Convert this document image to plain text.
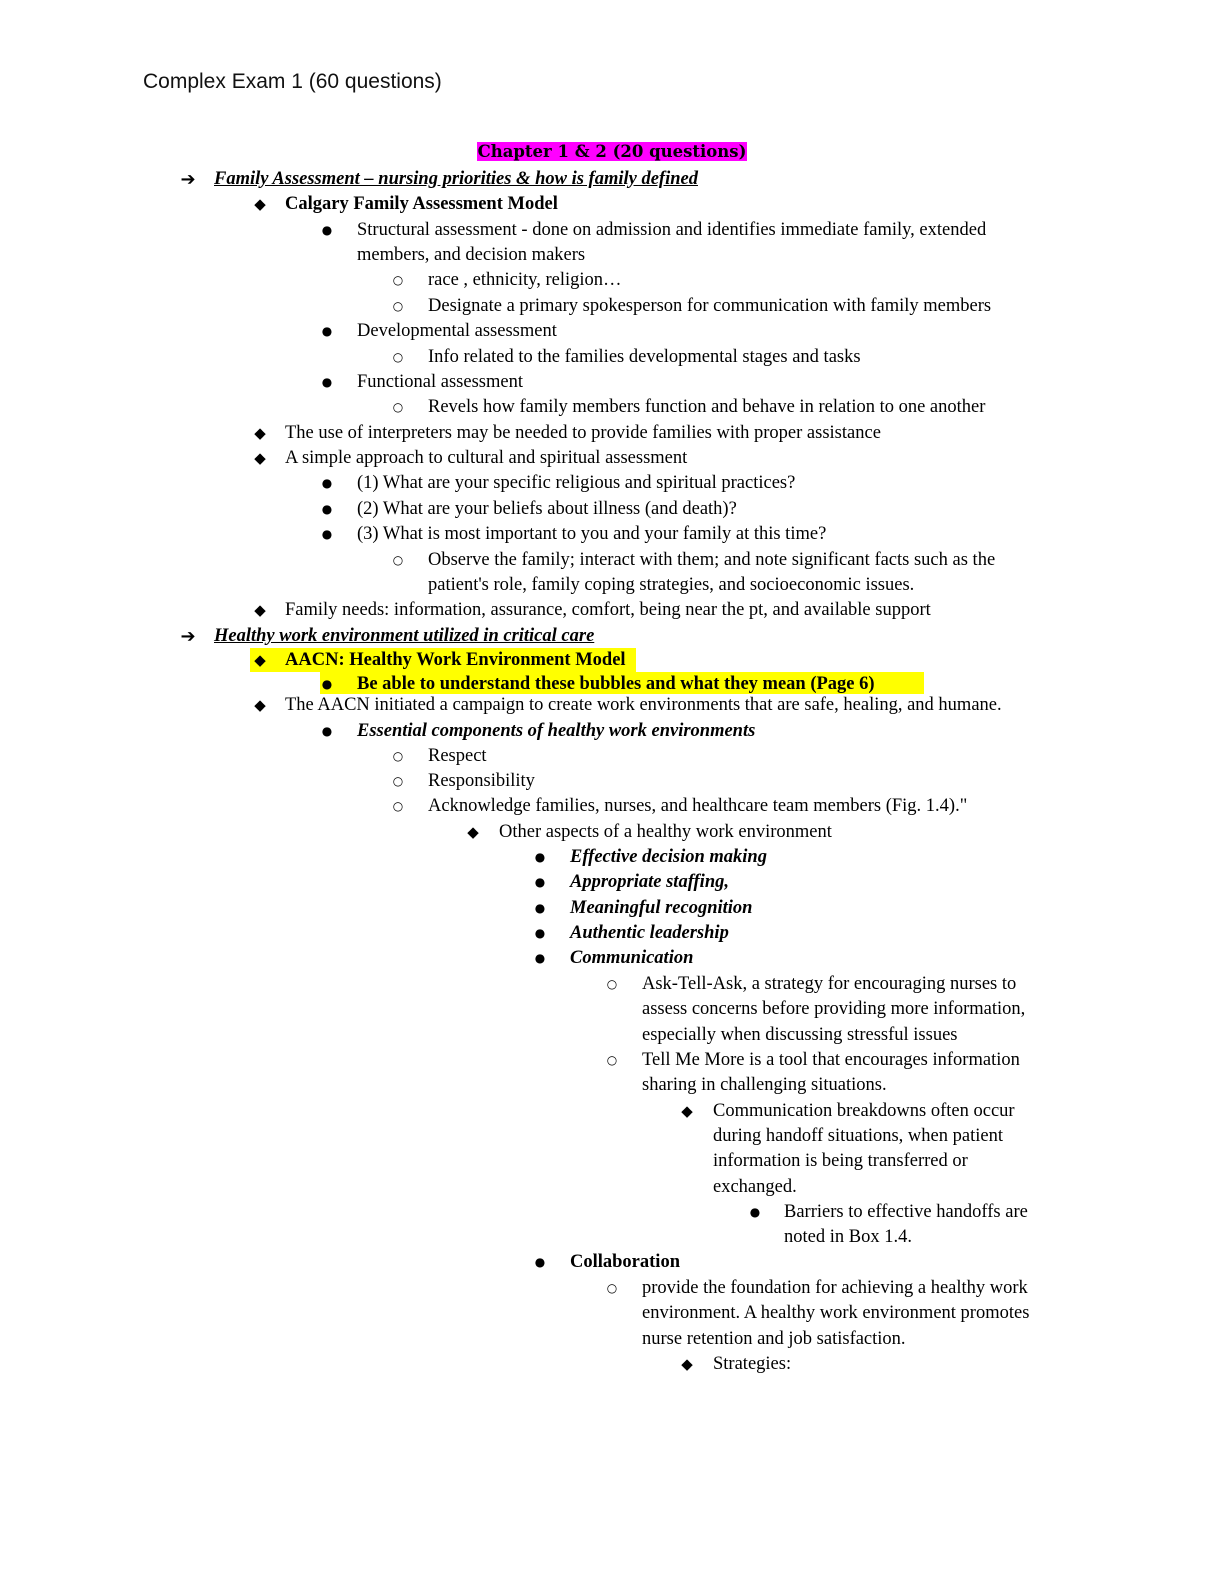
Complex Exam 1 (60 questions)
Chapter 1 & 2 (20 questions)
➔ Family Assessment – nursing priorities & how is family defined
◆ Calgary Family Assessment Model
● Structural assessment - done on admission and identifies immediate family, extended
members, and decision makers
○ race , ethnicity, religion…
○ Designate a primary spokesperson for communication with family members
● Developmental assessment
○ Info related to the families developmental stages and tasks
● Functional assessment
○ Revels how family members function and behave in relation to one another
◆ The use of interpreters may be needed to provide families with proper assistance
◆ A simple approach to cultural and spiritual assessment
● (1) What are your specific religious and spiritual practices?
● (2) What are your beliefs about illness (and death)?
● (3) What is most important to you and your family at this time?
○ Observe the family; interact with them; and note significant facts such as the
patient's role, family coping strategies, and socioeconomic issues.
◆ Family needs: information, assurance, comfort, being near the pt, and available support
➔ Healthy work environment utilized in critical care
◆ AACN: Healthy Work Environment Model
● Be able to understand these bubbles and what they mean (Page 6)
◆ The AACN initiated a campaign to create work environments that are safe, healing, and humane.
● Essential components of healthy work environments
○ Respect
○ Responsibility
○ Acknowledge families, nurses, and healthcare team members (Fig. 1.4)."
◆ Other aspects of a healthy work environment
● Effective decision making
● Appropriate staffing,
● Meaningful recognition
● Authentic leadership
● Communication
○ Ask-Tell-Ask, a strategy for encouraging nurses to
assess concerns before providing more information,
especially when discussing stressful issues
○ Tell Me More is a tool that encourages information
sharing in challenging situations.
◆ Communication breakdowns often occur
during handoff situations, when patient
information is being transferred or
exchanged.
● Barriers to effective handoffs are
noted in Box 1.4.
● Collaboration
○ provide the foundation for achieving a healthy work
environment. A healthy work environment promotes
nurse retention and job satisfaction.
◆ Strategies:
